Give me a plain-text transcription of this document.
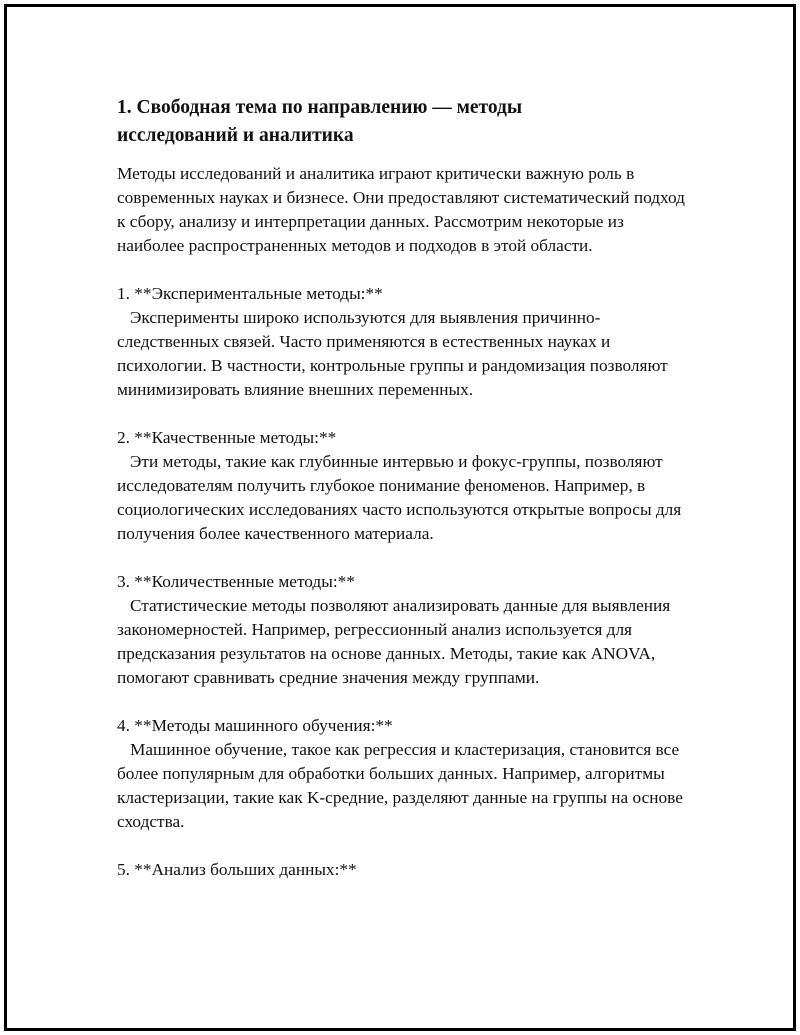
1. Свободная тема по направлению — методы исследований и аналитика

Методы исследований и аналитика играют критически важную роль в современных науках и бизнесе. Они предоставляют систематический подход к сбору, анализу и интерпретации данных. Рассмотрим некоторые из наиболее распространенных методов и подходов в этой области.

1. **Экспериментальные методы:**

Эксперименты широко используются для выявления причинно-следственных связей. Часто применяются в естественных науках и психологии. В частности, контрольные группы и рандомизация позволяют минимизировать влияние внешних переменных.

2. **Качественные методы:**

Эти методы, такие как глубинные интервью и фокус-группы, позволяют исследователям получить глубокое понимание феноменов. Например, в социологических исследованиях часто используются открытые вопросы для получения более качественного материала.

3. **Количественные методы:**

Статистические методы позволяют анализировать данные для выявления закономерностей. Например, регрессионный анализ используется для предсказания результатов на основе данных. Методы, такие как ANOVA, помогают сравнивать средние значения между группами.

4. **Методы машинного обучения:**

Машинное обучение, такое как регрессия и кластеризация, становится все более популярным для обработки больших данных. Например, алгоритмы кластеризации, такие как K-средние, разделяют данные на группы на основе сходства.

5. **Анализ больших данных:**
